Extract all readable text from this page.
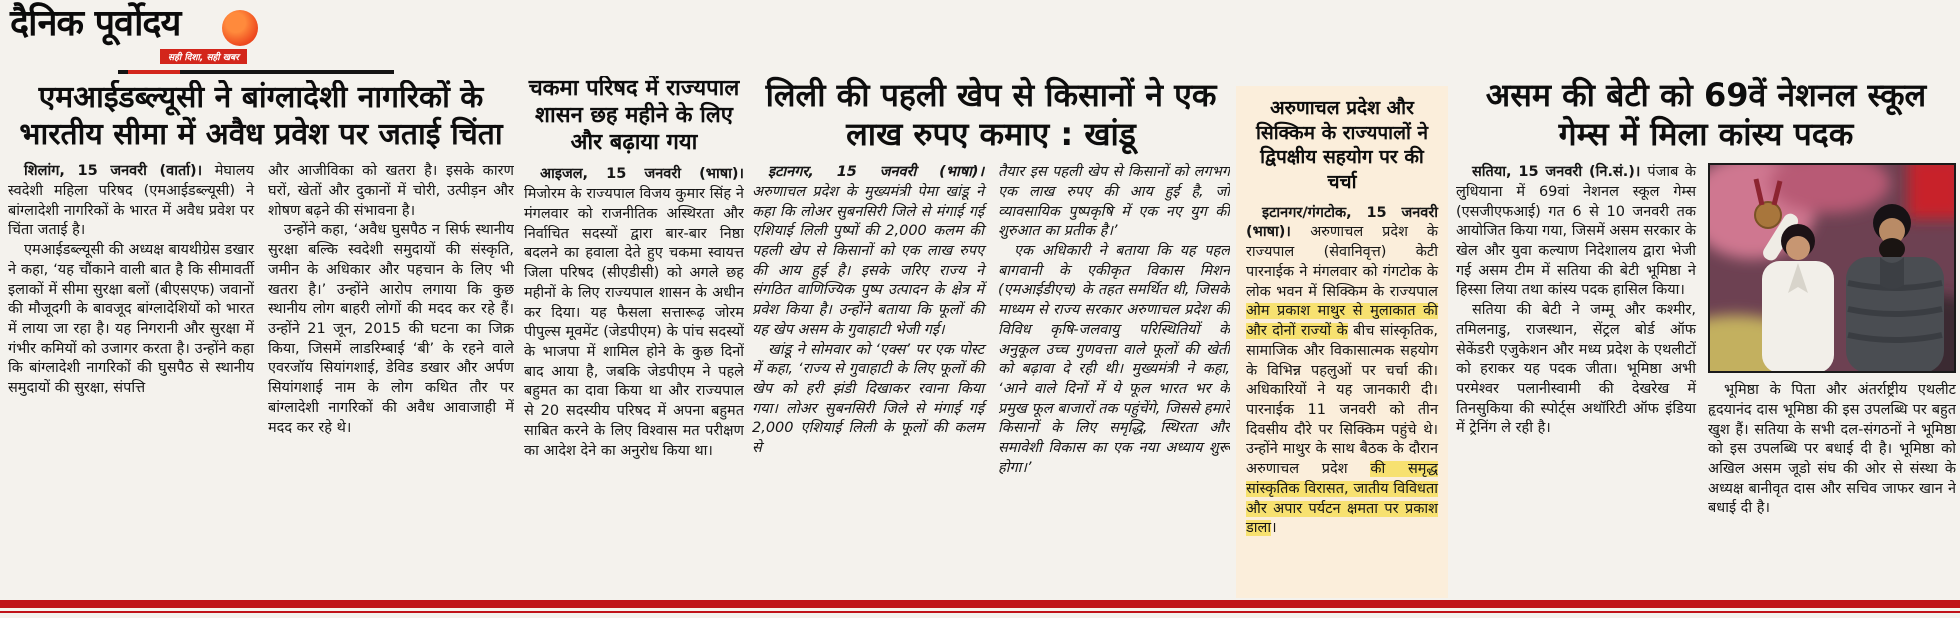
दैनिक पूर्वोदय
सही दिशा, सही खबर
एमआईडब्ल्यूसी ने बांग्लादेशी नागरिकों के भारतीय सीमा में अवैध प्रवेश पर जताई चिंता

शिलांग, 15 जनवरी (वार्ता)। मेघालय स्वदेशी महिला परिषद (एमआईडब्ल्यूसी) ने बांग्लादेशी नागरिकों के भारत में अवैध प्रवेश पर चिंता जताई है।

एमआईडब्ल्यूसी की अध्यक्ष बायथीग्रेस डखार ने कहा, ‘यह चौंकाने वाली बात है कि सीमावर्ती इलाकों में सीमा सुरक्षा बलों (बीएसएफ) जवानों की मौजूदगी के बावजूद बांग्लादेशियों को भारत में लाया जा रहा है। यह निगरानी और सुरक्षा में गंभीर कमियों को उजागर करता है। उन्होंने कहा कि बांग्लादेशी नागरिकों की घुसपैठ से स्थानीय समुदायों की सुरक्षा, संपत्ति

और आजीविका को खतरा है। इसके कारण घरों, खेतों और दुकानों में चोरी, उत्पीड़न और शोषण बढ़ने की संभावना है।

उन्होंने कहा, ‘अवैध घुसपैठ न सिर्फ स्थानीय सुरक्षा बल्कि स्वदेशी समुदायों की संस्कृति, जमीन के अधिकार और पहचान के लिए भी खतरा है।’ उन्होंने आरोप लगाया कि कुछ स्थानीय लोग बाहरी लोगों की मदद कर रहे हैं। उन्होंने 21 जून, 2015 की घटना का जिक्र किया, जिसमें लाडरिम्बाई ‘बी’ के रहने वाले एवरजॉय सियांगशाई, डेविड डखार और अर्पण सियांगशाई नाम के लोग कथित तौर पर बांग्लादेशी नागरिकों की अवैध आवाजाही में मदद कर रहे थे।

चकमा परिषद में राज्यपाल शासन छह महीने के लिए और बढ़ाया गया

आइजल, 15 जनवरी (भाषा)। मिजोरम के राज्यपाल विजय कुमार सिंह ने मंगलवार को राजनीतिक अस्थिरता और निर्वाचित सदस्यों द्वारा बार-बार निष्ठा बदलने का हवाला देते हुए चकमा स्वायत्त जिला परिषद (सीएडीसी) को अगले छह महीनों के लिए राज्यपाल शासन के अधीन कर दिया। यह फैसला सत्तारूढ़ जोरम पीपुल्स मूवमेंट (जेडपीएम) के पांच सदस्यों के भाजपा में शामिल होने के कुछ दिनों बाद आया है, जबकि जेडपीएम ने पहले बहुमत का दावा किया था और राज्यपाल से 20 सदस्यीय परिषद में अपना बहुमत साबित करने के लिए विश्वास मत परीक्षण का आदेश देने का अनुरोध किया था।

लिली की पहली खेप से किसानों ने एक लाख रुपए कमाए : खांडू

इटानगर, 15 जनवरी (भाषा)। अरुणाचल प्रदेश के मुख्यमंत्री पेमा खांडू ने कहा कि लोअर सुबनसिरी जिले से मंगाई गई एशियाई लिली पुष्पों की 2,000 कलम की पहली खेप से किसानों को एक लाख रुपए की आय हुई है। इसके जरिए राज्य ने संगठित वाणिज्यिक पुष्प उत्पादन के क्षेत्र में प्रवेश किया है। उन्होंने बताया कि फूलों की यह खेप असम के गुवाहाटी भेजी गई।

खांडू ने सोमवार को ‘एक्स’ पर एक पोस्ट में कहा, ‘राज्य से गुवाहाटी के लिए फूलों की खेप को हरी झंडी दिखाकर रवाना किया गया। लोअर सुबनसिरी जिले से मंगाई गई 2,000 एशियाई लिली के फूलों की कलम से

तैयार इस पहली खेप से किसानों को लगभग एक लाख रुपए की आय हुई है, जो व्यावसायिक पुष्पकृषि में एक नए युग की शुरुआत का प्रतीक है।’

एक अधिकारी ने बताया कि यह पहल बागवानी के एकीकृत विकास मिशन (एमआईडीएच) के तहत समर्थित थी, जिसके माध्यम से राज्य सरकार अरुणाचल प्रदेश की विविध कृषि-जलवायु परिस्थितियों के अनुकूल उच्च गुणवत्ता वाले फूलों की खेती को बढ़ावा दे रही थी। मुख्यमंत्री ने कहा, ‘आने वाले दिनों में ये फूल भारत भर के प्रमुख फूल बाजारों तक पहुंचेंगे, जिससे हमारे किसानों के लिए समृद्धि, स्थिरता और समावेशी विकास का एक नया अध्याय शुरू होगा।’

अरुणाचल प्रदेश और सिक्किम के राज्यपालों ने द्विपक्षीय सहयोग पर की चर्चा

इटानगर/गंगटोक, 15 जनवरी (भाषा)। अरुणाचल प्रदेश के राज्यपाल (सेवानिवृत्त) केटी पारनाईक ने मंगलवार को गंगटोक के लोक भवन में सिक्किम के राज्यपाल ओम प्रकाश माथुर से मुलाकात की और दोनों राज्यों के बीच सांस्कृतिक, सामाजिक और विकासात्मक सहयोग के विभिन्न पहलुओं पर चर्चा की। अधिकारियों ने यह जानकारी दी। पारनाईक 11 जनवरी को तीन दिवसीय दौरे पर सिक्किम पहुंचे थे। उन्होंने माथुर के साथ बैठक के दौरान अरुणाचल प्रदेश की समृद्ध सांस्कृतिक विरासत, जातीय विविधता और अपार पर्यटन क्षमता पर प्रकाश डाला।

असम की बेटी को 69वें नेशनल स्कूल गेम्स में मिला कांस्य पदक

सतिया, 15 जनवरी (नि.सं.)। पंजाब के लुधियाना में 69वां नेशनल स्कूल गेम्स (एसजीएफआई) गत 6 से 10 जनवरी तक आयोजित किया गया, जिसमें असम सरकार के खेल और युवा कल्याण निदेशालय द्वारा भेजी गई असम टीम में सतिया की बेटी भूमिष्ठा ने हिस्सा लिया तथा कांस्य पदक हासिल किया।

सतिया की बेटी ने जम्मू और कश्मीर, तमिलनाडु, राजस्थान, सेंट्रल बोर्ड ऑफ सेकेंडरी एजुकेशन और मध्य प्रदेश के एथलीटों को हराकर यह पदक जीता। भूमिष्ठा अभी परमेश्वर पलानीस्वामी की देखरेख में तिनसुकिया की स्पोर्ट्स अथॉरिटी ऑफ इंडिया में ट्रेनिंग ले रही है।

भूमिष्ठा के पिता और अंतर्राष्ट्रीय एथलीट हृदयानंद दास भूमिष्ठा की इस उपलब्धि पर बहुत खुश हैं। सतिया के सभी दल-संगठनों ने भूमिष्ठा को इस उपलब्धि पर बधाई दी है। भूमिष्ठा को अखिल असम जूडो संघ की ओर से संस्था के अध्यक्ष बानीवृत दास और सचिव जाफर खान ने बधाई दी है।
